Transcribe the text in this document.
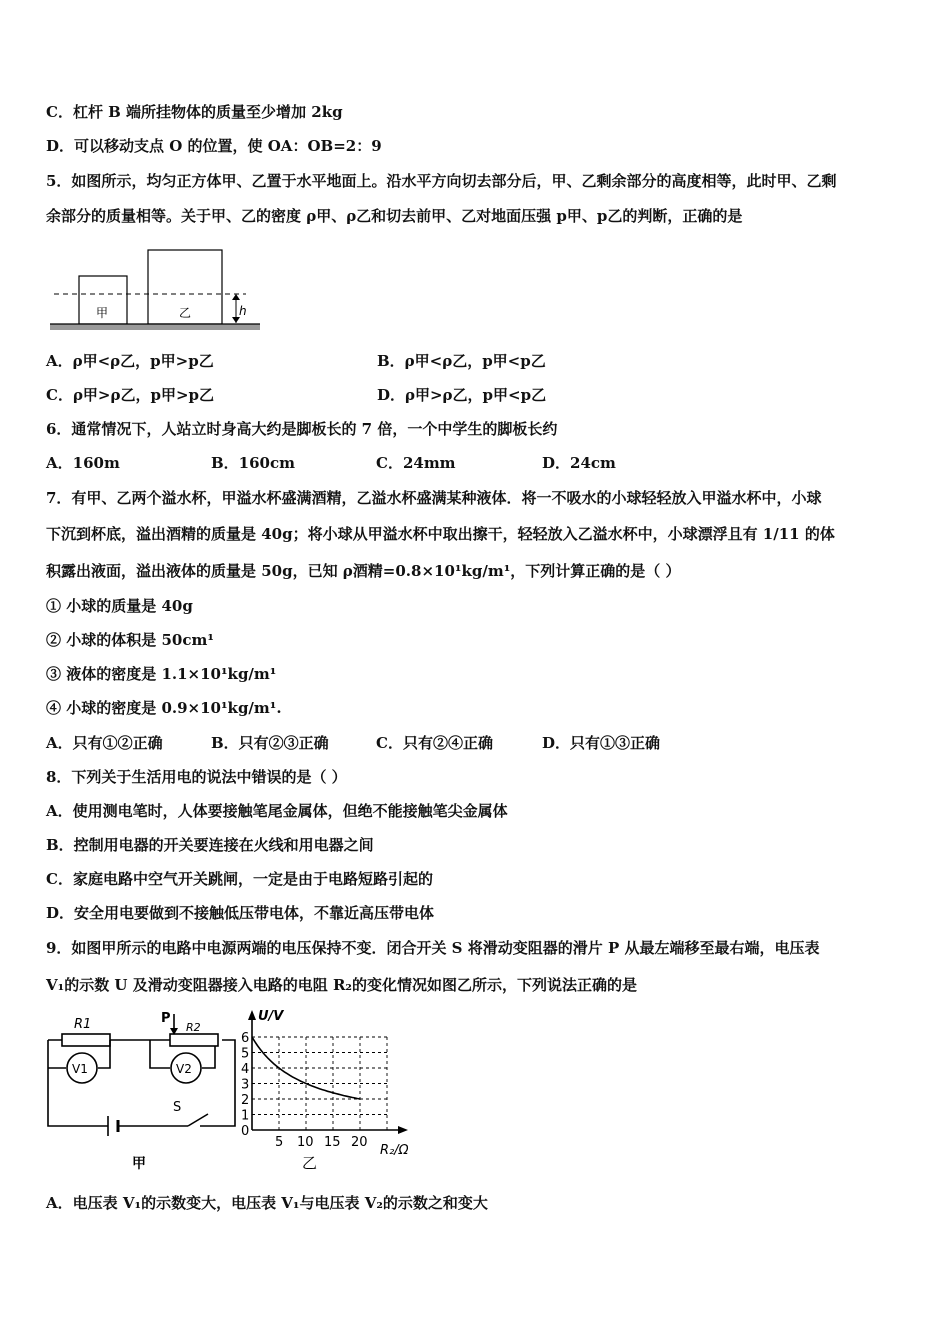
C．杠杆 B 端所挂物体的质量至少增加 2kg
D．可以移动支点 O 的位置，使 OA：OB=2：9
5．如图所示，均匀正方体甲、乙置于水平地面上。沿水平方向切去部分后，甲、乙剩余部分的高度相等，此时甲、乙剩
余部分的质量相等。关于甲、乙的密度 ρ甲、ρ乙和切去前甲、乙对地面压强 p甲、p乙的判断，正确的是
h
甲	乙
A．ρ甲<ρ乙，p甲>p乙	B．ρ甲<ρ乙，p甲<p乙
C．ρ甲>ρ乙，p甲>p乙	D．ρ甲>ρ乙，p甲<p乙
6．通常情况下，人站立时身高大约是脚板长的 7 倍，一个中学生的脚板长约
A．160m	B．160cm	C．24mm	D．24cm
7．有甲、乙两个溢水杯，甲溢水杯盛满酒精，乙溢水杯盛满某种液体．将一不吸水的小球轻轻放入甲溢水杯中，小球
下沉到杯底，溢出酒精的质量是 40g；将小球从甲溢水杯中取出擦干，轻轻放入乙溢水杯中，小球漂浮且有 1/11 的体
积露出液面，溢出液体的质量是 50g，已知 ρ酒精=0.8×10¹kg/m¹，下列计算正确的是（ ）
① 小球的质量是 40g
② 小球的体积是 50cm¹
③ 液体的密度是 1.1×10¹kg/m¹
④ 小球的密度是 0.9×10¹kg/m¹.
A．只有①②正确	B．只有②③正确	C．只有②④正确	D．只有①③正确
8．下列关于生活用电的说法中错误的是（ ）
A．使用测电笔时，人体要接触笔尾金属体，但绝不能接触笔尖金属体
B．控制用电器的开关要连接在火线和用电器之间
C．家庭电路中空气开关跳闸，一定是由于电路短路引起的
D．安全用电要做到不接触低压带电体，不靠近高压带电体
9．如图甲所示的电路中电源两端的电压保持不变．闭合开关 S 将滑动变阻器的滑片 P 从最左端移至最右端，电压表
V₁的示数 U 及滑动变阻器接入电路的电阻 R₂的变化情况如图乙所示，下列说法正确的是
R1	P
R2
V1	V2
S
甲
U/V
R₂/Ω
0
1
2
3
4
5
6
5 10 15 20
乙
A．电压表 V₁的示数变大，电压表 V₁与电压表 V₂的示数之和变大
